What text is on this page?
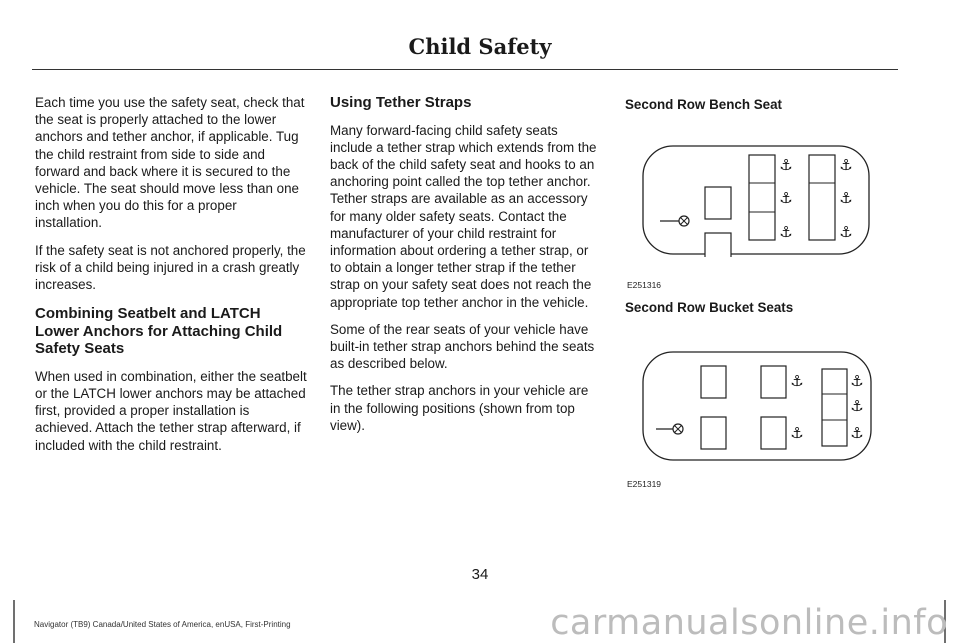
Child Safety

Each time you use the safety seat, check that the seat is properly attached to the lower anchors and tether anchor, if applicable. Tug the child restraint from side to side and forward and back where it is secured to the vehicle. The seat should move less than one inch when you do this for a proper installation.

If the safety seat is not anchored properly, the risk of a child being injured in a crash greatly increases.

Combining Seatbelt and LATCH Lower Anchors for Attaching Child Safety Seats

When used in combination, either the seatbelt or the LATCH lower anchors may be attached first, provided a proper installation is achieved. Attach the tether strap afterward, if included with the child restraint.

Using Tether Straps

Many forward-facing child safety seats include a tether strap which extends from the back of the child safety seat and hooks to an anchoring point called the top tether anchor. Tether straps are available as an accessory for many older safety seats. Contact the manufacturer of your child restraint for information about ordering a tether strap, or to obtain a longer tether strap if the tether strap on your safety seat does not reach the appropriate top tether anchor in the vehicle.

Some of the rear seats of your vehicle have built-in tether strap anchors behind the seats as described below.

The tether strap anchors in your vehicle are in the following positions (shown from top view).

Second Row Bench Seat
Second Row Bucket Seats
⚓
⚓
⚓
⚓
⚓
⚓
E251316
⚓
⚓
⚓
⚓
⚓
E251319
34
Navigator (TB9) Canada/United States of America, enUSA, First-Printing	carmanualsonline.info
